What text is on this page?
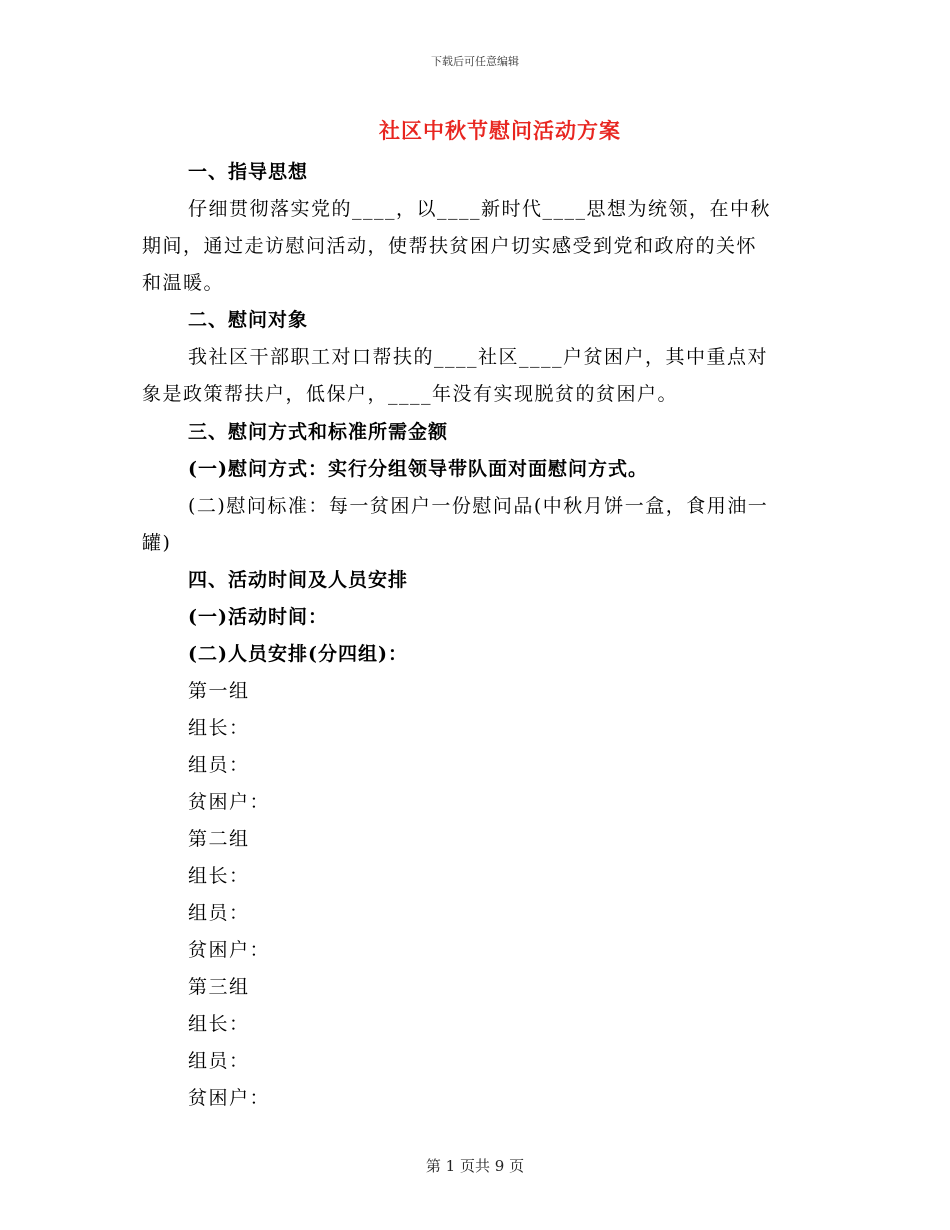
下载后可任意编辑
社区中秋节慰问活动方案
一、指导思想
仔细贯彻落实党的____，以____新时代____思想为统领，在中秋
期间，通过走访慰问活动，使帮扶贫困户切实感受到党和政府的关怀
和温暖。
二、慰问对象
我社区干部职工对口帮扶的____社区____户贫困户，其中重点对
象是政策帮扶户，低保户，____年没有实现脱贫的贫困户。
三、慰问方式和标准所需金额
(一)慰问方式：实行分组领导带队面对面慰问方式。
(二)慰问标准：每一贫困户一份慰问品(中秋月饼一盒，食用油一
罐)
四、活动时间及人员安排
(一)活动时间：
(二)人员安排(分四组)：
第一组
组长：
组员：
贫困户：
第二组
组长：
组员：
贫困户：
第三组
组长：
组员：
贫困户：
第 1 页共 9 页
